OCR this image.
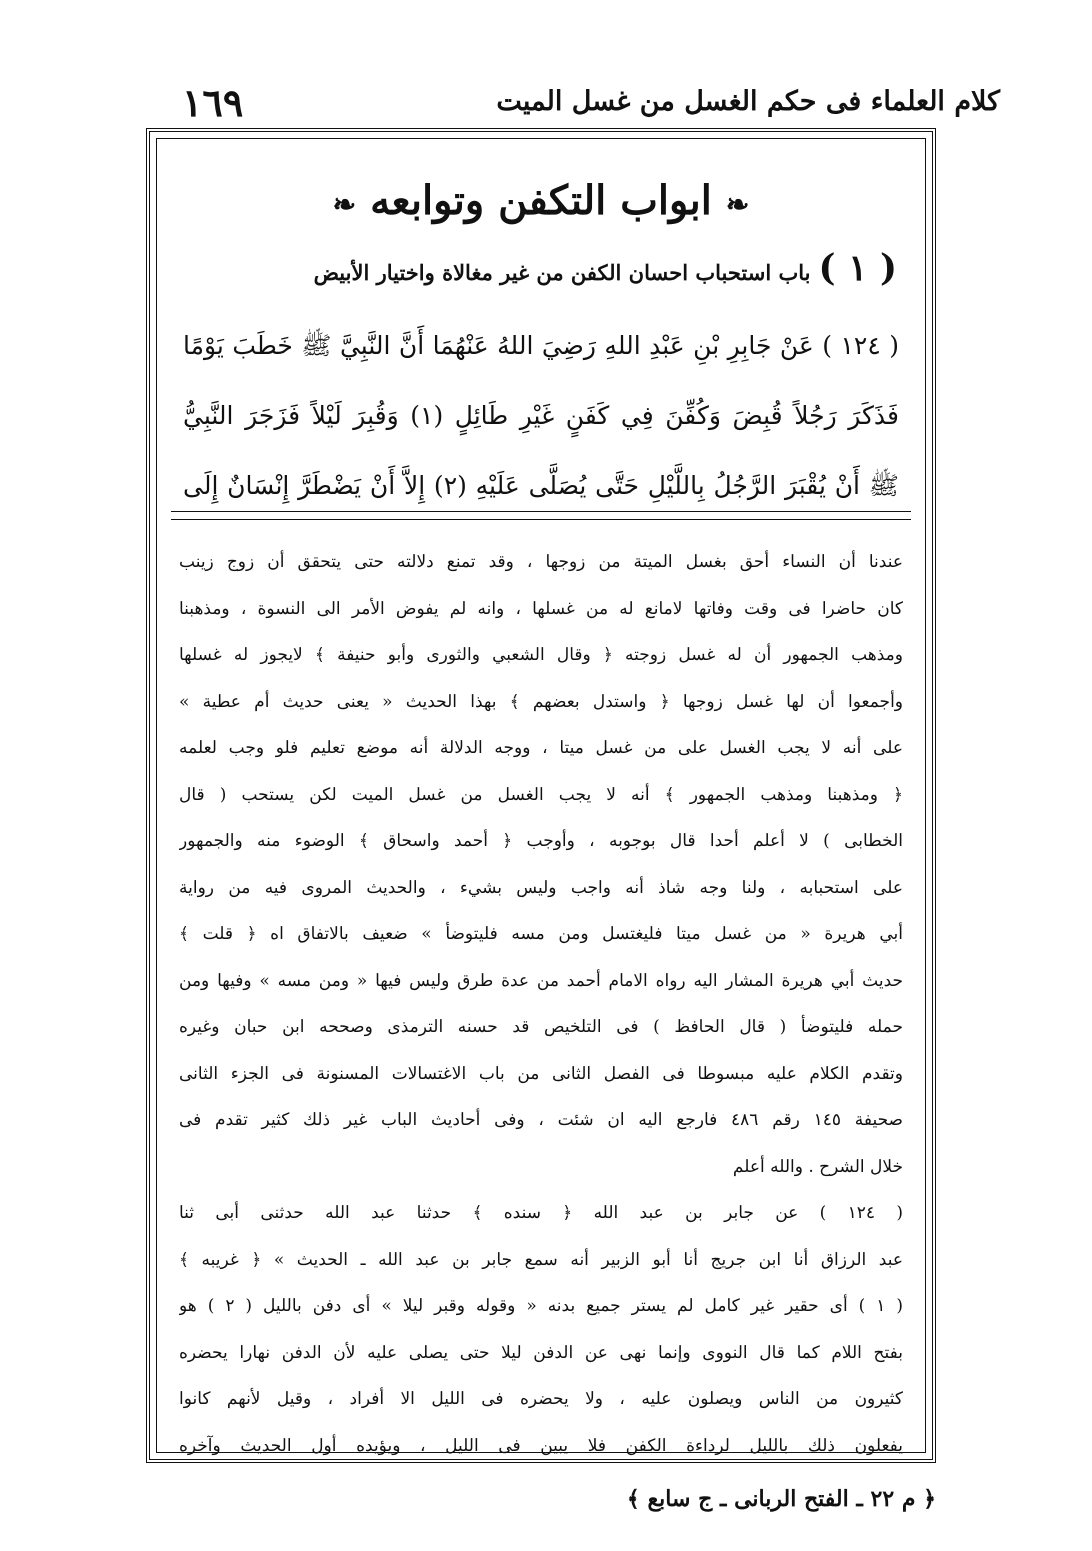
كلام العلماء فى حكم الغسل من غسل الميت
١٦٩
❧ابواب التكفن وتوابعه❧
( ١ )باب استحباب احسان الكفن من غير مغالاة واختيار الأبيض
( ١٢٤ ) عَنْ جَابِرِ بْنِ عَبْدِ اللهِ رَضِيَ اللهُ عَنْهُمَا أَنَّ النَّبِيَّ ﷺ خَطَبَ يَوْمًا
فَذَكَرَ رَجُلاً قُبِضَ وَكُفِّنَ فِي كَفَنٍ غَيْرِ طَائِلٍ (١) وَقُبِرَ لَيْلاً فَزَجَرَ النَّبِيُّ
ﷺ أَنْ يُقْبَرَ الرَّجُلُ بِاللَّيْلِ حَتَّى يُصَلَّى عَلَيْهِ (٢) إِلاَّ أَنْ يَضْطَرَّ إِنْسَانٌ إِلَى
عندنا أن النساء أحق بغسل الميتة من زوجها ، وقد تمنع دلالته حتى يتحقق أن زوج زينب
كان حاضرا فى وقت وفاتها لامانع له من غسلها ، وانه لم يفوض الأمر الى النسوة ، ومذهبنا
ومذهب الجمهور أن له غسل زوجته ﴿ وقال الشعبي والثورى وأبو حنيفة ﴾ لايجوز له غسلها
وأجمعوا أن لها غسل زوجها ﴿ واستدل بعضهم ﴾ بهذا الحديث « يعنى حديث أم عطية »
على أنه لا يجب الغسل على من غسل ميتا ، ووجه الدلالة أنه موضع تعليم فلو وجب لعلمه
﴿ ومذهبنا ومذهب الجمهور ﴾ أنه لا يجب الغسل من غسل الميت لكن يستحب ( قال
الخطابى ) لا أعلم أحدا قال بوجوبه ، وأوجب ﴿ أحمد واسحاق ﴾ الوضوء منه والجمهور
على استحبابه ، ولنا وجه شاذ أنه واجب وليس بشيء ، والحديث المروى فيه من رواية
أبي هريرة « من غسل ميتا فليغتسل ومن مسه فليتوضأ » ضعيف بالاتفاق اه ﴿ قلت ﴾
حديث أبي هريرة المشار اليه رواه الامام أحمد من عدة طرق وليس فيها « ومن مسه » وفيها ومن
حمله فليتوضأ ( قال الحافظ ) فى التلخيص قد حسنه الترمذى وصححه ابن حبان وغيره
وتقدم الكلام عليه مبسوطا فى الفصل الثانى من باب الاغتسالات المسنونة فى الجزء الثانى
صحيفة ١٤٥ رقم ٤٨٦ فارجع اليه ان شئت ، وفى أحاديث الباب غير ذلك كثير تقدم فى
خلال الشرح . والله أعلم
( ١٢٤ ) عن جابر بن عبد الله ﴿ سنده ﴾ حدثنا عبد الله حدثنى أبى ثنا
عبد الرزاق أنا ابن جريج أنا أبو الزبير أنه سمع جابر بن عبد الله ـ الحديث » ﴿ غريبه ﴾
( ١ ) أى حقير غير كامل لم يستر جميع بدنه « وقوله وقبر ليلا » أى دفن بالليل ( ٢ ) هو
بفتح اللام كما قال النووى وإنما نهى عن الدفن ليلا حتى يصلى عليه لأن الدفن نهارا يحضره
كثيرون من الناس ويصلون عليه ، ولا يحضره فى الليل الا أفراد ، وقيل لأنهم كانوا
يفعلون ذلك بالليل لرداءة الكفن فلا يبين فى الليل ، ويؤيده أول الحديث وآخره
﴿ م ٢٢ ـ الفتح الربانى ـ ج سابع ﴾
